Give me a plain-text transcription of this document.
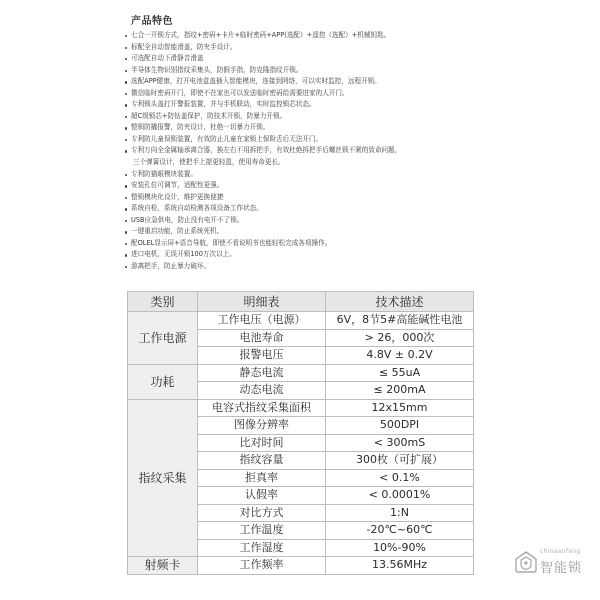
产品特色
七合一开锁方式，指纹+密码+卡片+临时密码+APP(选配）+遥控（选配）+机械钥匙。
标配全自动智能滑盖，防夹手设计。
可选配自动下滑静音滑盖
半导体生物识别指纹采集头，防假手指，防克隆指纹开锁。
选配APP健康，打开电池盒盖插入智能模块，连接到网络，可以实时监控，远程开锁。
微信临时密码开门，即使不在家也可以发送临时密码给需要进家的人开门。
专利锁头盖打开警报装置，并与手机联动，实时监控锁芯状态。
超C级锁芯+防钻盖保护，防技术开锁，防暴力开锁。
整锁防撬报警，防夹设计，杜绝一切暴力开锁。
专利防儿童误锁装置，有效防止儿童在家锁上保险舌后无法开门。
专利万向全金属轴承离合器，换左右不用拆把手，有效杜绝拆把手后螺丝锁不紧的致命问题，
三个弹簧设计，使把手上提更轻盈，使用寿命更长。
专利防猫眼模块装置。
安装孔位可调节，适配性更强。
整锁模块化设计，维护更换便捷
系统自检，系统自动检测各项设备工作状态。
USB应急供电，防止没有电开不了锁。
一键重启功能，防止系统死机。
配OLEL显示屏+语音导航，即使不看说明书也能轻松完成各项操作。
进口电机，无误开锁100万次以上。
游离把手，防止暴力破坏。
类别	明细表	技术描述
工作电源	工作电压（电源）	6V，8节5#高能碱性电池
	电池寿命	> 26，000次
	报警电压	4.8V ± 0.2V
功耗	静态电流	≤ 55uA
	动态电流	≤ 200mA
指纹采集	电容式指纹采集面积	12x15mm
	图像分辨率	500DPI
	比对时间	< 300mS
	指纹容量	300枚（可扩展）
	拒真率	< 0.1%
	认假率	< 0.0001%
	对比方式	1:N
	工作温度	-20℃~60℃
	工作湿度	10%-90%
射频卡	工作频率	13.56MHz
chinaanfang
智能锁
